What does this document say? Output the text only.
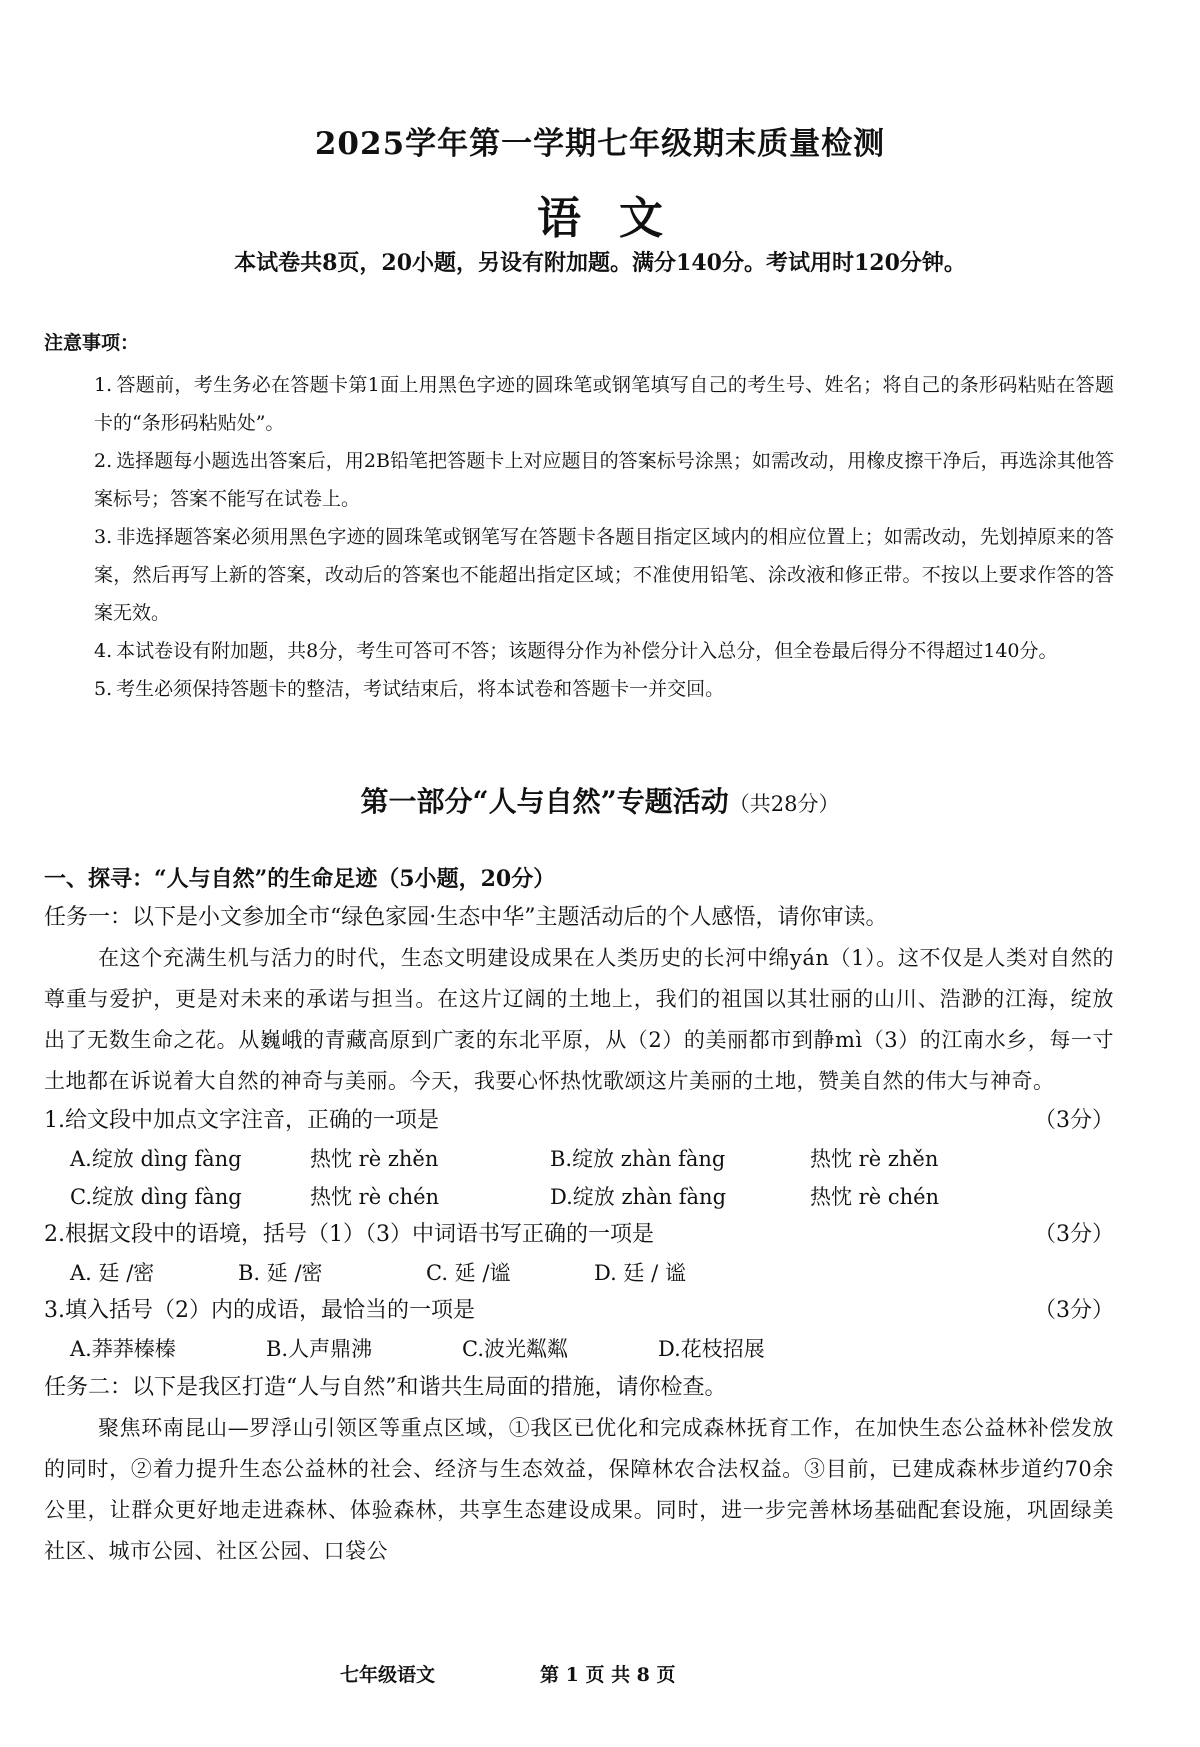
2025学年第一学期七年级期末质量检测
语文
本试卷共8页，20小题，另设有附加题。满分140分。考试用时120分钟。
注意事项：
1. 答题前，考生务必在答题卡第1面上用黑色字迹的圆珠笔或钢笔填写自己的考生号、姓名；将自己的条形码粘贴在答题卡的“条形码粘贴处”。
2. 选择题每小题选出答案后，用2B铅笔把答题卡上对应题目的答案标号涂黑；如需改动，用橡皮擦干净后，再选涂其他答案标号；答案不能写在试卷上。
3. 非选择题答案必须用黑色字迹的圆珠笔或钢笔写在答题卡各题目指定区域内的相应位置上；如需改动，先划掉原来的答案，然后再写上新的答案，改动后的答案也不能超出指定区域；不准使用铅笔、涂改液和修正带。不按以上要求作答的答案无效。
4. 本试卷设有附加题，共8分，考生可答可不答；该题得分作为补偿分计入总分，但全卷最后得分不得超过140分。
5. 考生必须保持答题卡的整洁，考试结束后，将本试卷和答题卡一并交回。
第一部分“人与自然”专题活动（共28分）
一、探寻：“人与自然”的生命足迹（5小题，20分）
任务一：以下是小文参加全市“绿色家园·生态中华”主题活动后的个人感悟，请你审读。
在这个充满生机与活力的时代，生态文明建设成果在人类历史的长河中绵yán（1）。这不仅是人类对自然的尊重与爱护，更是对未来的承诺与担当。在这片辽阔的土地上，我们的祖国以其壮丽的山川、浩渺的江海，绽放出了无数生命之花。从巍峨的青藏高原到广袤的东北平原，从（2）的美丽都市到静mì（3）的江南水乡，每一寸土地都在诉说着大自然的神奇与美丽。今天，我要心怀热忱歌颂这片美丽的土地，赞美自然的伟大与神奇。
1.给文段中加点文字注音，正确的一项是	（3分）
A.绽放 dìng fàng	热忱 rè zhěn	B.绽放 zhàn fàng	热忱 rè zhěn
C.绽放 dìng fàng	热忱 rè chén	D.绽放 zhàn fàng	热忱 rè chén
2.根据文段中的语境，括号（1）（3）中词语书写正确的一项是	（3分）
A. 廷 /密	B. 延 /密	C. 延 /谧	D. 廷 / 谧
3.填入括号（2）内的成语，最恰当的一项是	（3分）
A.莽莽榛榛	B.人声鼎沸	C.波光粼粼	D.花枝招展
任务二：以下是我区打造“人与自然”和谐共生局面的措施，请你检查。
聚焦环南昆山—罗浮山引领区等重点区域，①我区已优化和完成森林抚育工作，在加快生态公益林补偿发放的同时，②着力提升生态公益林的社会、经济与生态效益，保障林农合法权益。③目前，已建成森林步道约70余公里，让群众更好地走进森林、体验森林，共享生态建设成果。同时，进一步完善林场基础配套设施，巩固绿美社区、城市公园、社区公园、口袋公
七年级语文	第 1 页 共 8 页
